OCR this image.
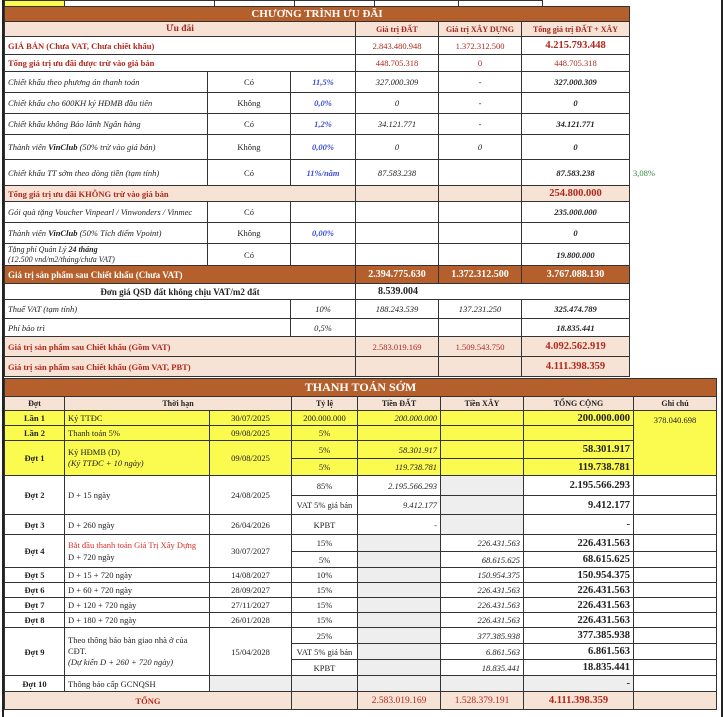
CHƯƠNG TRÌNH ƯU ĐÃI						
Ưu đãi			Giá trị ĐẤT	Giá trị XÂY DỰNG	Tổng giá trị ĐẤT + XÂY	
GIÁ BÁN (Chưa VAT, Chưa chiết khấu)			2.843.480.948	1.372.312.500	4.215.793.448	
Tổng giá trị ưu đãi được trừ vào giá bán			448.705.318	0	448.705.318	
Chiết khấu theo phương án thanh toán	Có	11,5%	327.000.309	-	327.000.309	
Chiết khấu cho 600KH ký HĐMB đầu tiên	Không	0,0%	0	-	0	
Chiết khấu không Bảo lãnh Ngân hàng	Có	1,2%	34.121.771	-	34.121.771	
Thành viên VinClub (50% trừ vào giá bán)	Không	0,00%	0	0	0	
Chiết khấu TT sớm theo dòng tiền (tạm tính)	Có	11%/năm	87.583.238		87.583.238	3,08%
Tổng giá trị ưu đãi KHÔNG trừ vào giá bán					254.800.000	
Gói quà tặng Voucher Vinpearl / Vinwonders / Vinmec	Có				235.000.000	
Thành viên VinClub (50% Tích điểm Vpoint)	Không	0,00%			0	
Tặng phí Quản Lý 24 tháng
(12.500 vnd/m2/tháng/chưa VAT)	Có				19.800.000	
Giá trị sản phẩm sau Chiết khấu (Chưa VAT)			2.394.775.630	1.372.312.500	3.767.088.130	
Đơn giá QSD đất không chịu VAT/m2 đất			8.539.004			
Thuế VAT (tạm tính)		10%	188.243.539	137.231.250	325.474.789	
Phí bảo trì		0,5%			18.835.441	
Giá trị sản phẩm sau Chiết khấu (Gồm VAT)			2.583.019.169	1.509.543.750	4.092.562.919	
Giá trị sản phẩm sau Chiết khấu (Gồm VAT, PBT)					4.111.398.359	
THANH TOÁN SỚM							
Đợt	Thời hạn		Tỷ lệ	Tiền ĐẤT	Tiền XÂY	TỔNG CỘNG	Ghi chú
Lần 1	Ký TTĐC	30/07/2025	200.000.000	200.000.000		200.000.000	378.040.698
Lần 2	Thanh toán 5%	09/08/2025	5%				
Đợt 1	Ký HĐMB (D)
(Ký TTĐC + 10 ngày)	09/08/2025	5%	58.301.917		58.301.917	
			5%	119.738.781		119.738.781	
Đợt 2	D + 15 ngày	24/08/2025	85%	2.195.566.293		2.195.566.293	
			VAT 5% giá bán	9.412.177		9.412.177	
Đợt 3	D + 260 ngày	26/04/2026	KPBT	-		-	
Đợt 4	Bắt đầu thanh toán Giá Trị Xây Dựng
D + 720 ngày	30/07/2027	15%		226.431.563	226.431.563	
			5%		68.615.625	68.615.625	
Đợt 5	D + 15 + 720 ngày	14/08/2027	10%		150.954.375	150.954.375	
Đợt 6	D + 60 + 720 ngày	28/09/2027	15%		226.431.563	226.431.563	
Đợt 7	D + 120 + 720 ngày	27/11/2027	15%		226.431.563	226.431.563	
Đợt 8	D + 180 + 720 ngày	26/01/2028	15%		226.431.563	226.431.563	
Đợt 9	Theo thông báo bàn giao nhà ở của CĐT.
(Dự kiến D + 260 + 720 ngày)	15/04/2028	25%		377.385.938	377.385.938	
			VAT 5% giá bán		6.861.563	6.861.563	
			KPBT		18.835.441	18.835.441	
Đợt 10	Thông báo cấp GCNQSH					-	
TỔNG				2.583.019.169	1.528.379.191	4.111.398.359	
